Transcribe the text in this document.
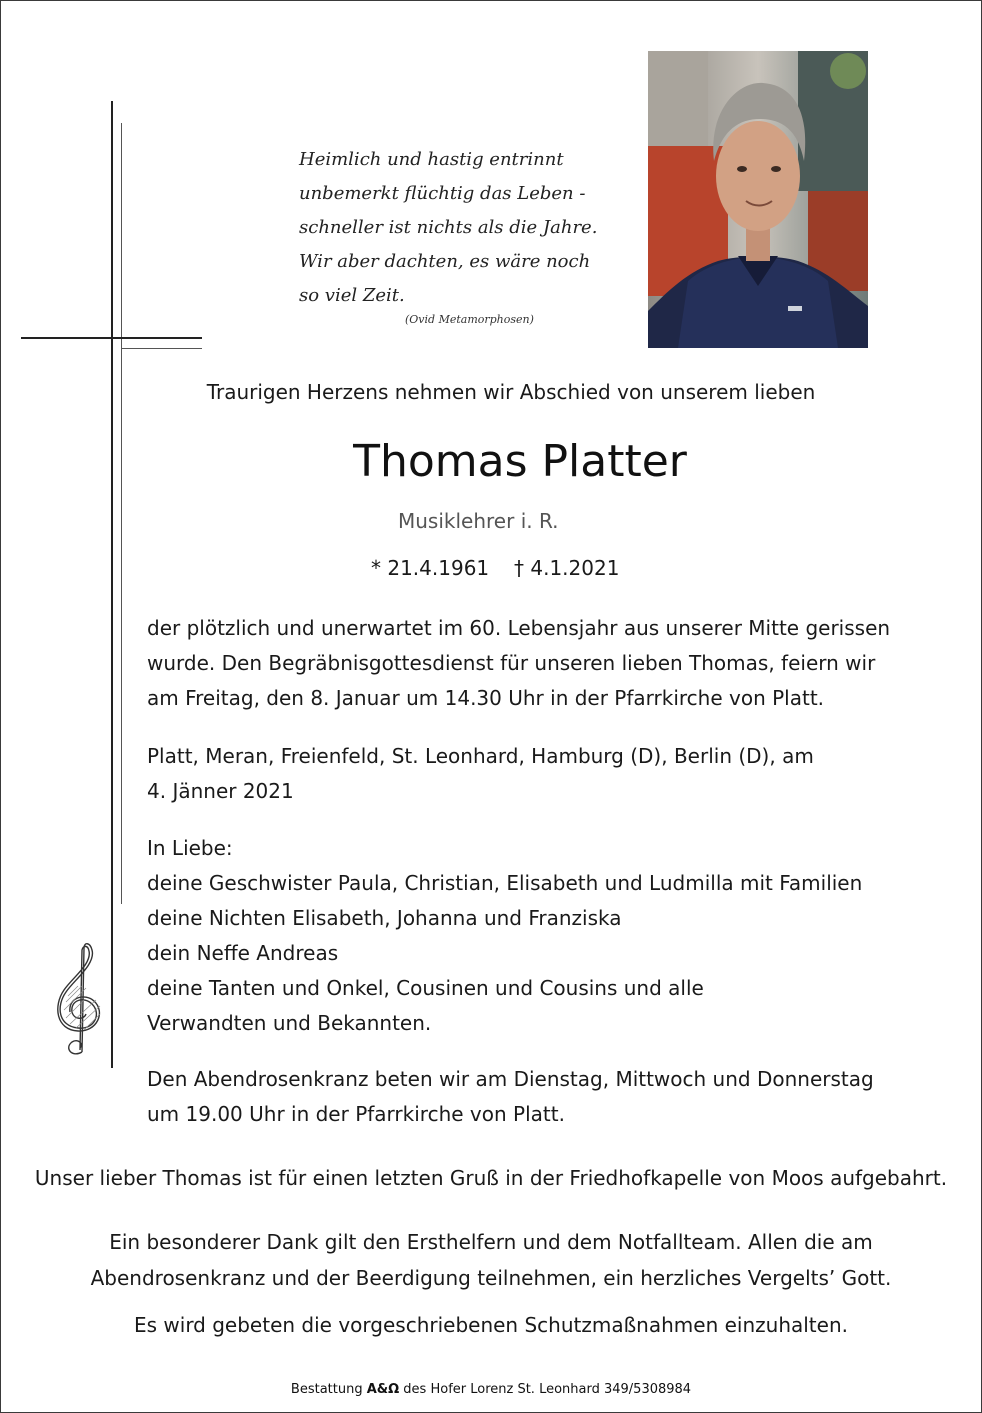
Heimlich und hastig entrinnt
unbemerkt flüchtig das Leben -
schneller ist nichts als die Jahre.
Wir aber dachten, es wäre noch
so viel Zeit.
(Ovid Metamorphosen)
Traurigen Herzens nehmen wir Abschied von unserem lieben
Thomas Platter
Musiklehrer i. R.
* 21.4.1961 † 4.1.2021
der plötzlich und unerwartet im 60. Lebensjahr aus unserer Mitte gerissen
wurde. Den Begräbnisgottesdienst für unseren lieben Thomas, feiern wir
am Freitag, den 8. Januar um 14.30 Uhr in der Pfarrkirche von Platt.
Platt, Meran, Freienfeld, St. Leonhard, Hamburg (D), Berlin (D), am
4. Jänner 2021
In Liebe:
deine Geschwister Paula, Christian, Elisabeth und Ludmilla mit Familien
deine Nichten Elisabeth, Johanna und Franziska
dein Neffe Andreas
deine Tanten und Onkel, Cousinen und Cousins und alle
Verwandten und Bekannten.
Den Abendrosenkranz beten wir am Dienstag, Mittwoch und Donnerstag
um 19.00 Uhr in der Pfarrkirche von Platt.
Unser lieber Thomas ist für einen letzten Gruß in der Friedhofkapelle von Moos aufgebahrt.
Ein besonderer Dank gilt den Ersthelfern und dem Notfallteam. Allen die am
Abendrosenkranz und der Beerdigung teilnehmen, ein herzliches Vergelts’ Gott.
Es wird gebeten die vorgeschriebenen Schutzmaßnahmen einzuhalten.
Bestattung A&Ω des Hofer Lorenz St. Leonhard 349/5308984
